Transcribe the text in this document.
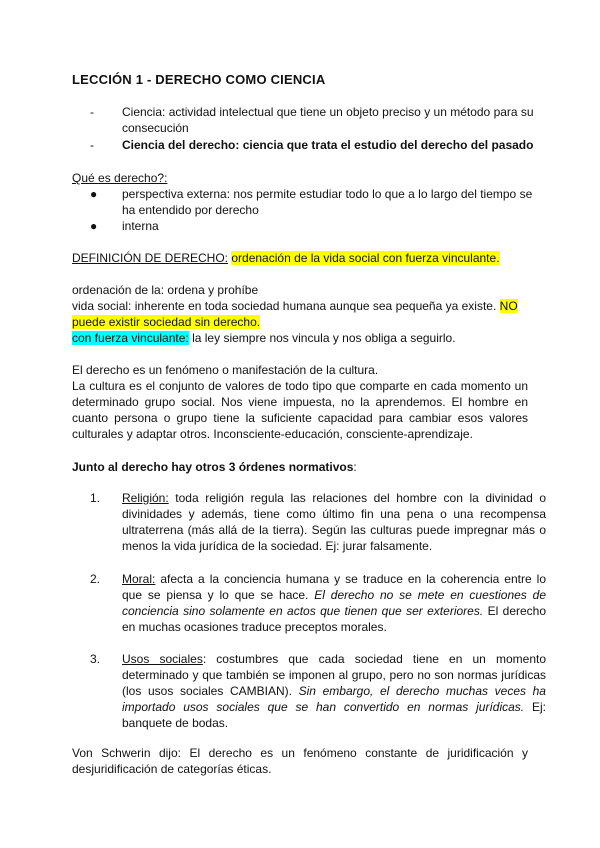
LECCIÓN 1 - DERECHO COMO CIENCIA
-	Ciencia: actividad intelectual que tiene un objeto preciso y un método para su consecución
-	Ciencia del derecho: ciencia que trata el estudio del derecho del pasado
Qué es derecho?:
● perspectiva externa: nos permite estudiar todo lo que a lo largo del tiempo se ha entendido por derecho
● interna
DEFINICIÓN DE DERECHO: ordenación de la vida social con fuerza vinculante.
ordenación de la: ordena y prohíbe
vida social: inherente en toda sociedad humana aunque sea pequeña ya existe. NO puede existir sociedad sin derecho.
con fuerza vinculante: la ley siempre nos vincula y nos obliga a seguirlo.
El derecho es un fenómeno o manifestación de la cultura.
La cultura es el conjunto de valores de todo tipo que comparte en cada momento un determinado grupo social. Nos viene impuesta, no la aprendemos. El hombre en cuanto persona o grupo tiene la suficiente capacidad para cambiar esos valores culturales y adaptar otros. Inconsciente-educación, consciente-aprendizaje.
Junto al derecho hay otros 3 órdenes normativos:
1. Religión: toda religión regula las relaciones del hombre con la divinidad o divinidades y además, tiene como último fin una pena o una recompensa ultraterrena (más allá de la tierra). Según las culturas puede impregnar más o menos la vida jurídica de la sociedad. Ej: jurar falsamente.
2. Moral: afecta a la conciencia humana y se traduce en la coherencia entre lo que se piensa y lo que se hace. El derecho no se mete en cuestiones de conciencia sino solamente en actos que tienen que ser exteriores. El derecho en muchas ocasiones traduce preceptos morales.
3. Usos sociales: costumbres que cada sociedad tiene en un momento determinado y que también se imponen al grupo, pero no son normas jurídicas (los usos sociales CAMBIAN). Sin embargo, el derecho muchas veces ha importado usos sociales que se han convertido en normas jurídicas. Ej: banquete de bodas.
Von Schwerin dijo: El derecho es un fenómeno constante de juridificación y desjuridificación de categorías éticas.
